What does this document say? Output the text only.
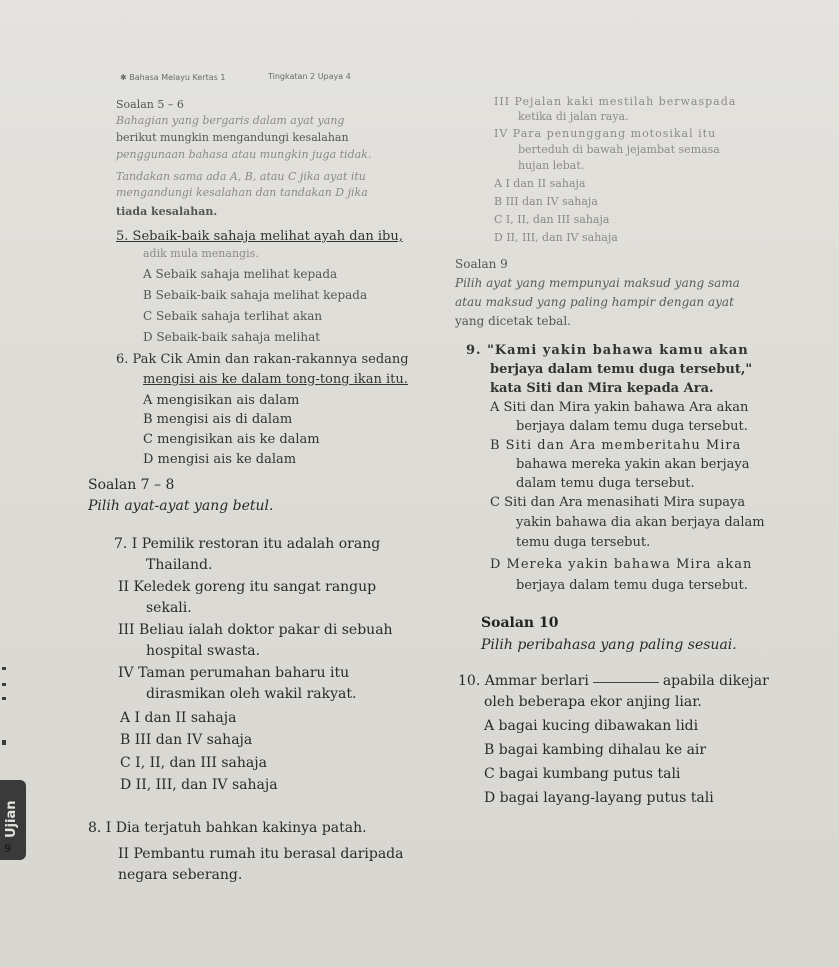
✱ Bahasa Melayu Kertas 1	Tingkatan 2 Upaya 4
Soalan 5 – 6
Bahagian yang bergaris dalam ayat yang
berikut mungkin mengandungi kesalahan
penggunaan bahasa atau mungkin juga tidak.
Tandakan sama ada A, B, atau C jika ayat itu
mengandungi kesalahan dan tandakan D jika
tiada kesalahan.
5. Sebaik-baik sahaja melihat ayah dan ibu,
adik mula menangis.
A Sebaik sahaja melihat kepada
B Sebaik-baik sahaja melihat kepada
C Sebaik sahaja terlihat akan
D Sebaik-baik sahaja melihat
6. Pak Cik Amin dan rakan-rakannya sedang
mengisi ais ke dalam tong-tong ikan itu.
A mengisikan ais dalam
B mengisi ais di dalam
C mengisikan ais ke dalam
D mengisi ais ke dalam
Soalan 7 – 8
Pilih ayat-ayat yang betul.
7. I Pemilik restoran itu adalah orang
Thailand.
II Keledek goreng itu sangat rangup
sekali.
III Beliau ialah doktor pakar di sebuah
hospital swasta.
IV Taman perumahan baharu itu
dirasmikan oleh wakil rakyat.
A I dan II sahaja
B III dan IV sahaja
C I, II, dan III sahaja
D II, III, dan IV sahaja
8. I Dia terjatuh bahkan kakinya patah.
II Pembantu rumah itu berasal daripada
negara seberang.
Ujian
9
III Pejalan kaki mestilah berwaspada
ketika di jalan raya.
IV Para penunggang motosikal itu
berteduh di bawah jejambat semasa
hujan lebat.
A I dan II sahaja
B III dan IV sahaja
C I, II, dan III sahaja
D II, III, dan IV sahaja
Soalan 9
Pilih ayat yang mempunyai maksud yang sama
atau maksud yang paling hampir dengan ayat
yang dicetak tebal.
9. "Kami yakin bahawa kamu akan
berjaya dalam temu duga tersebut,"
kata Siti dan Mira kepada Ara.
A Siti dan Mira yakin bahawa Ara akan
berjaya dalam temu duga tersebut.
B Siti dan Ara memberitahu Mira
bahawa mereka yakin akan berjaya
dalam temu duga tersebut.
C Siti dan Ara menasihati Mira supaya
yakin bahawa dia akan berjaya dalam
temu duga tersebut.
D Mereka yakin bahawa Mira akan
berjaya dalam temu duga tersebut.
Soalan 10
Pilih peribahasa yang paling sesuai.
10. Ammar berlari	apabila dikejar
oleh beberapa ekor anjing liar.
A bagai kucing dibawakan lidi
B bagai kambing dihalau ke air
C bagai kumbang putus tali
D bagai layang-layang putus tali
